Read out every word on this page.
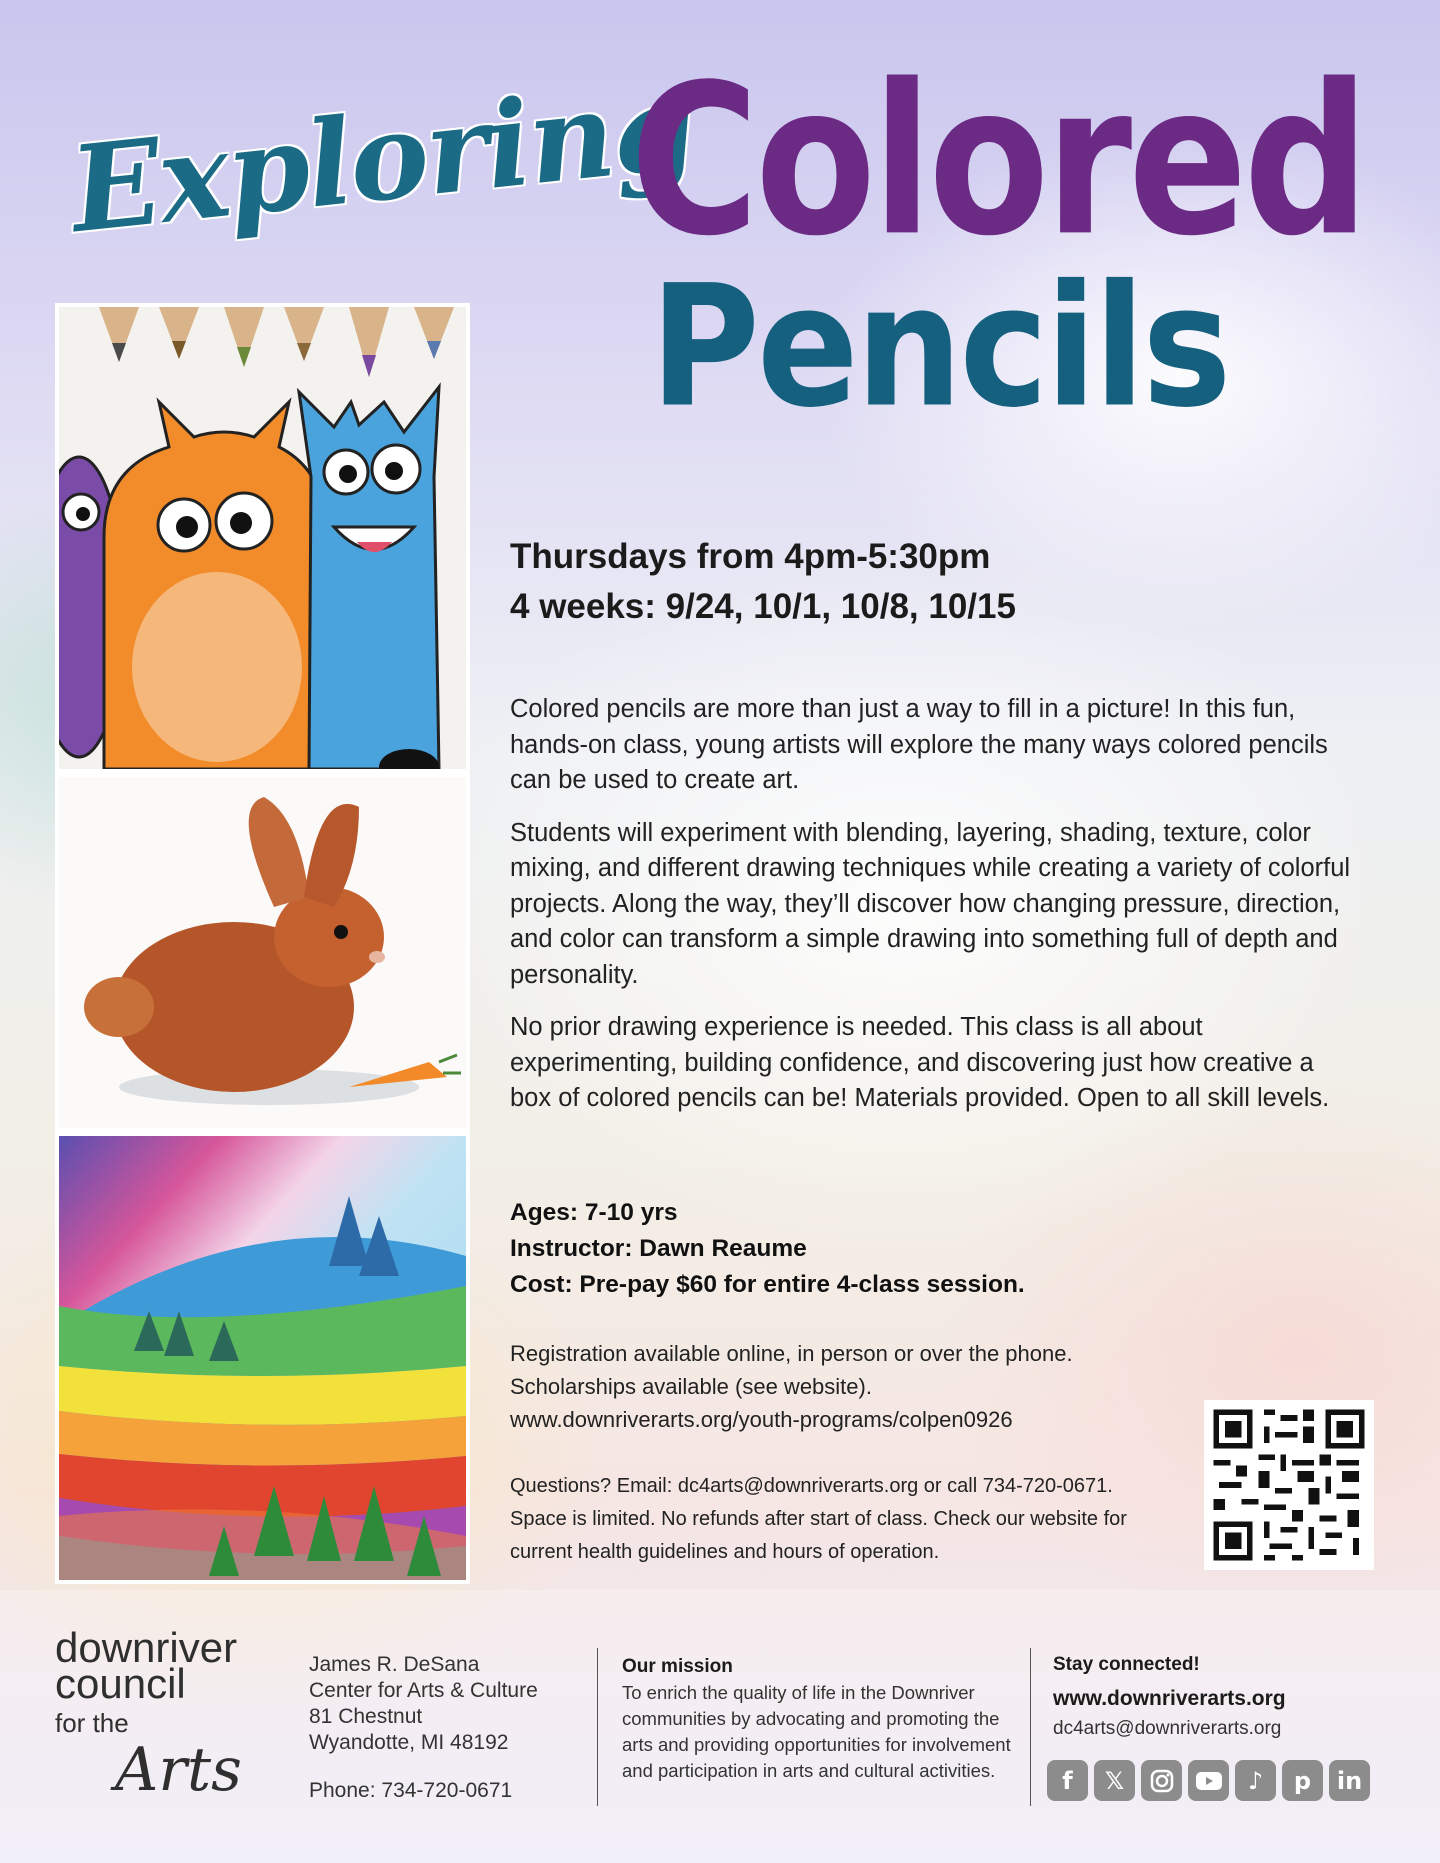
Exploring
Colored
Pencils
Thursdays from 4pm-5:30pm
4 weeks: 9/24, 10/1, 10/8, 10/15

Colored pencils are more than just a way to fill in a picture! In this fun, hands-on class, young artists will explore the many ways colored pencils can be used to create art.

Students will experiment with blending, layering, shading, texture, color mixing, and different drawing techniques while creating a variety of colorful projects. Along the way, they’ll discover how changing pressure, direction, and color can transform a simple drawing into something full of depth and personality.

No prior drawing experience is needed. This class is all about experimenting, building confidence, and discovering just how creative a box of colored pencils can be! Materials provided. Open to all skill levels.

Ages: 7-10 yrs
Instructor: Dawn Reaume
Cost: Pre-pay $60 for entire 4-class session.
Registration available online, in person or over the phone.
Scholarships available (see website).
www.downriverarts.org/youth-programs/colpen0926
Questions? Email: dc4arts@downriverarts.org or call 734-720-0671. Space is limited. No refunds after start of class. Check our website for current health guidelines and hours of operation.
downriver
council
for the
Arts
James R. DeSana
Center for Arts & Culture
81 Chestnut
Wyandotte, MI 48192
Phone: 734-720-0671
Our mission
To enrich the quality of life in the Downriver communities by advocating and promoting the arts and providing opportunities for involvement and participation in arts and cultural activities.
Stay connected!
www.downriverarts.org
dc4arts@downriverarts.org
f	𝕏	♪	p	in
